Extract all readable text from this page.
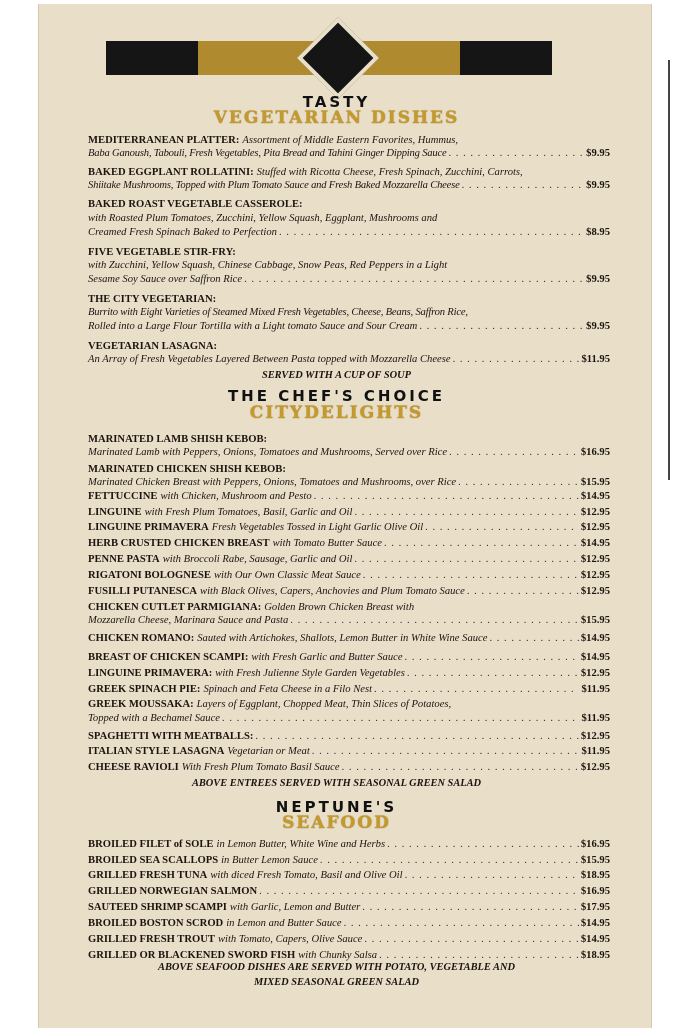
TASTY
VEGETARIAN DISHES
MEDITERRANEAN PLATTER: Assortment of Middle Eastern Favorites, Hummus,
Baba Ganoush, Tabouli, Fresh Vegetables, Pita Bread and Tahini Ginger Dipping Sauce . . .	$9.95
BAKED EGGPLANT ROLLATINI: Stuffed with Ricotta Cheese, Fresh Spinach, Zucchini, Carrots,
Shiitake Mushrooms, Topped with Plum Tomato Sauce and Fresh Baked Mozzarella Cheese . . .	$9.95
BAKED ROAST VEGETABLE CASSEROLE:
with Roasted Plum Tomatoes, Zucchini, Yellow Squash, Eggplant, Mushrooms and
Creamed Fresh Spinach Baked to Perfection . . .	$8.95
FIVE VEGETABLE STIR-FRY:
with Zucchini, Yellow Squash, Chinese Cabbage, Snow Peas, Red Peppers in a Light
Sesame Soy Sauce over Saffron Rice . . .	$9.95
THE CITY VEGETARIAN:
Burrito with Eight Varieties of Steamed Mixed Fresh Vegetables, Cheese, Beans, Saffron Rice,
Rolled into a Large Flour Tortilla with a Light tomato Sauce and Sour Cream . . .	$9.95
VEGETARIAN LASAGNA:
An Array of Fresh Vegetables Layered Between Pasta topped with Mozzarella Cheese . . .	$11.95
SERVED WITH A CUP OF SOUP
THE CHEF'S CHOICE
CITYDELIGHTS
MARINATED LAMB SHISH KEBOB:
Marinated Lamb with Peppers, Onions, Tomatoes and Mushrooms, Served over Rice . . .	$16.95
MARINATED CHICKEN SHISH KEBOB:
Marinated Chicken Breast with Peppers, Onions, Tomatoes and Mushrooms, over Rice . . .	$15.95
FETTUCCINE with Chicken, Mushroom and Pesto . . .	$14.95
LINGUINE with Fresh Plum Tomatoes, Basil, Garlic and Oil . . .	$12.95
LINGUINE PRIMAVERA Fresh Vegetables Tossed in Light Garlic Olive Oil . . .	$12.95
HERB CRUSTED CHICKEN BREAST with Tomato Butter Sauce . . .	$14.95
PENNE PASTA with Broccoli Rabe, Sausage, Garlic and Oil . . .	$12.95
RIGATONI BOLOGNESE with Our Own Classic Meat Sauce . . .	$12.95
FUSILLI PUTANESCA with Black Olives, Capers, Anchovies and Plum Tomato Sauce . . .	$12.95
CHICKEN CUTLET PARMIGIANA: Golden Brown Chicken Breast with
Mozzarella Cheese, Marinara Sauce and Pasta . . .	$15.95
CHICKEN ROMANO: Sauted with Artichokes, Shallots, Lemon Butter in White Wine Sauce . . .	$14.95
BREAST OF CHICKEN SCAMPI: with Fresh Garlic and Butter Sauce . . .	$14.95
LINGUINE PRIMAVERA: with Fresh Julienne Style Garden Vegetables . . .	$12.95
GREEK SPINACH PIE: Spinach and Feta Cheese in a Filo Nest . . .	$11.95
GREEK MOUSSAKA: Layers of Eggplant, Chopped Meat, Thin Slices of Potatoes,
Topped with a Bechamel Sauce . . .	$11.95
SPAGHETTI WITH MEATBALLS: . . .	$12.95
ITALIAN STYLE LASAGNA Vegetarian or Meat . . .	$11.95
CHEESE RAVIOLI With Fresh Plum Tomato Basil Sauce . . .	$12.95
ABOVE ENTREES SERVED WITH SEASONAL GREEN SALAD
NEPTUNE'S
SEAFOOD
BROILED FILET of SOLE in Lemon Butter, White Wine and Herbs . . .	$16.95
BROILED SEA SCALLOPS in Butter Lemon Sauce . . .	$15.95
GRILLED FRESH TUNA with diced Fresh Tomato, Basil and Olive Oil . . .	$18.95
GRILLED NORWEGIAN SALMON . . .	$16.95
SAUTEED SHRIMP SCAMPI with Garlic, Lemon and Butter . . .	$17.95
BROILED BOSTON SCROD in Lemon and Butter Sauce . . .	$14.95
GRILLED FRESH TROUT with Tomato, Capers, Olive Sauce . . .	$14.95
GRILLED OR BLACKENED SWORD FISH with Chunky Salsa . . .	$18.95
ABOVE SEAFOOD DISHES ARE SERVED WITH POTATO, VEGETABLE AND
MIXED SEASONAL GREEN SALAD
